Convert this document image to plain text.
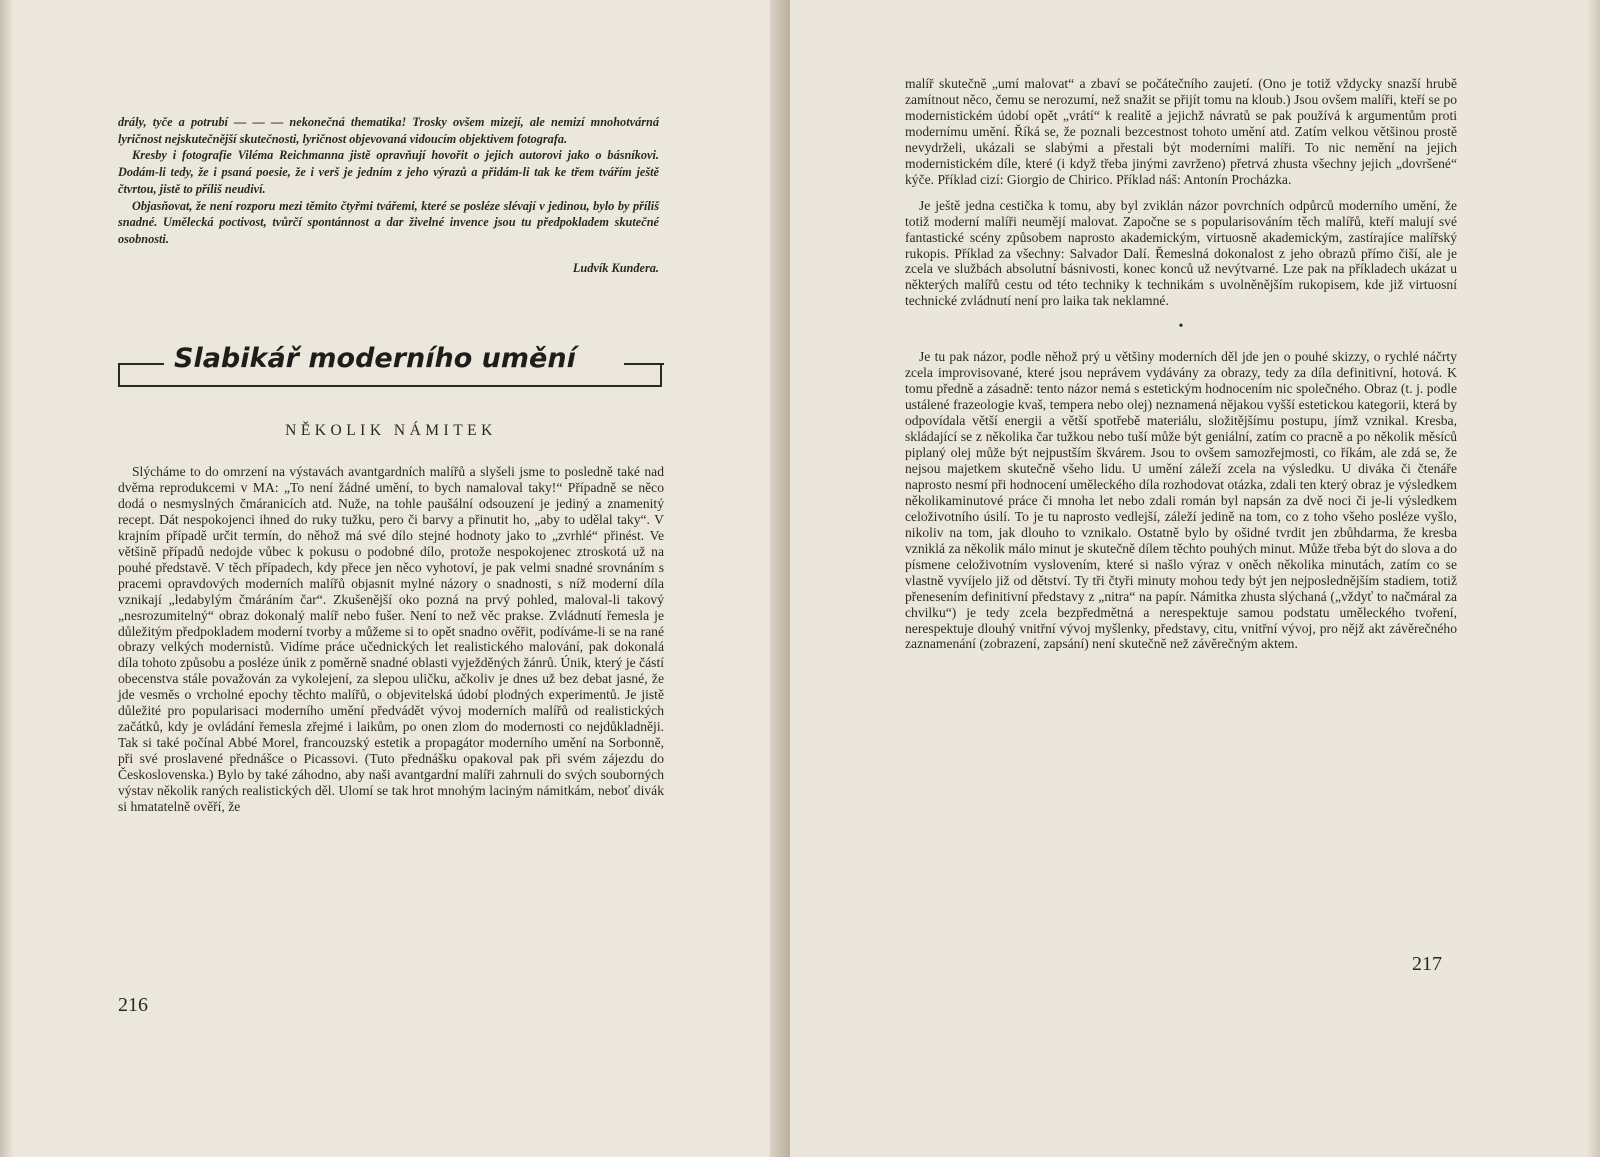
drály, tyče a potrubí — — — nekonečná thematika! Trosky ovšem mizejí, ale nemizí mnohotvárná lyričnost nejskutečnější skutečnosti, lyričnost objevovaná vidoucím objektivem fotografa.

Kresby i fotografie Viléma Reichmanna jistě opravňují hovořit o jejich autorovi jako o básníkovi. Dodám-li tedy, že i psaná poesie, že i verš je jedním z jeho výrazů a přidám-li tak ke třem tvářím ještě čtvrtou, jistě to příliš neudiví.

Objasňovat, že není rozporu mezi těmito čtyřmi tvářemi, které se posléze slévají v jedinou, bylo by příliš snadné. Umělecká poctivost, tvůrčí spontánnost a dar živelné invence jsou tu předpokladem skutečné osobnosti.

Ludvík Kundera.

Slabikář moderního umění
NĚKOLIK NÁMITEK

Slýcháme to do omrzení na výstavách avantgardních malířů a slyšeli jsme to posledně také nad dvěma reprodukcemi v MA: „To není žádné umění, to bych namaloval taky!“ Případně se něco dodá o nesmyslných čmáranicích atd. Nuže, na tohle paušální odsouzení je jediný a znamenitý recept. Dát nespokojenci ihned do ruky tužku, pero či barvy a přinutit ho, „aby to udělal taky“. V krajním případě určit termín, do něhož má své dílo stejné hodnoty jako to „zvrhlé“ přinést. Ve většině případů nedojde vůbec k pokusu o podobné dílo, protože nespokojenec ztroskotá už na pouhé představě. V těch případech, kdy přece jen něco vyhotoví, je pak velmi snadné srovnáním s pracemi opravdových moderních malířů objasnit mylné názory o snadnosti, s níž moderní díla vznikají „ledabylým čmáráním čar“. Zkušenější oko pozná na prvý pohled, maloval-li takový „nesrozumitelný“ obraz dokonalý malíř nebo fušer. Není to než věc prakse. Zvládnutí řemesla je důležitým předpokladem moderní tvorby a můžeme si to opět snadno ověřit, podíváme-li se na rané obrazy velkých modernistů. Vidíme práce učednických let realistického malování, pak dokonalá díla tohoto způsobu a posléze únik z poměrně snadné oblasti vyježděných žánrů. Únik, který je částí obecenstva stále považován za vykolejení, za slepou uličku, ačkoliv je dnes už bez debat jasné, že jde vesměs o vrcholné epochy těchto malířů, o objevitelská údobí plodných experimentů. Je jistě důležité pro popularisaci moderního umění předvádět vývoj moderních malířů od realistických začátků, kdy je ovládání řemesla zřejmé i laikům, po onen zlom do modernosti co nejdůkladněji. Tak si také počínal Abbé Morel, francouzský estetik a propagátor moderního umění na Sorbonně, při své proslavené přednášce o Picassovi. (Tuto přednášku opakoval pak při svém zájezdu do Československa.) Bylo by také záhodno, aby naši avantgardní malíři zahrnuli do svých souborných výstav několik raných realistických děl. Ulomí se tak hrot mnohým laciným námitkám, neboť divák si hmatatelně ověří, že

216

malíř skutečně „umí malovat“ a zbaví se počátečního zaujetí. (Ono je totiž vždycky snazší hrubě zamítnout něco, čemu se nerozumí, než snažit se přijít tomu na kloub.) Jsou ovšem malíři, kteří se po modernistickém údobí opět „vrátí“ k realitě a jejichž návratů se pak používá k argumentům proti modernímu umění. Říká se, že poznali bezcestnost tohoto umění atd. Zatím velkou většinou prostě nevydrželi, ukázali se slabými a přestali být moderními malíři. To nic nemění na jejich modernistickém díle, které (i když třeba jinými zavrženo) přetrvá zhusta všechny jejich „dovršené“ kýče. Příklad cizí: Giorgio de Chirico. Příklad náš: Antonín Procházka.

Je ještě jedna cestička k tomu, aby byl zviklán názor povrchních odpůrců moderního umění, že totiž moderní malíři neumějí malovat. Započne se s popularisováním těch malířů, kteří malují své fantastické scény způsobem naprosto akademickým, virtuosně akademickým, zastírajíce malířský rukopis. Příklad za všechny: Salvador Dalí. Řemeslná dokonalost z jeho obrazů přímo čiší, ale je zcela ve službách absolutní básnivosti, konec konců už nevýtvarné. Lze pak na příkladech ukázat u některých malířů cestu od této techniky k technikám s uvolněnějším rukopisem, kde již virtuosní technické zvládnutí není pro laika tak neklamné.

•

Je tu pak názor, podle něhož prý u většiny moderních děl jde jen o pouhé skizzy, o rychlé náčrty zcela improvisované, které jsou neprávem vydávány za obrazy, tedy za díla definitivní, hotová. K tomu předně a zásadně: tento názor nemá s estetickým hodnocením nic společného. Obraz (t. j. podle ustálené frazeologie kvaš, tempera nebo olej) neznamená nějakou vyšší estetickou kategorii, která by odpovídala větší energii a větší spotřebě materiálu, složitějšímu postupu, jímž vznikal. Kresba, skládající se z několika čar tužkou nebo tuší může být geniální, zatím co pracně a po několik měsíců piplaný olej může být nejpustším škvárem. Jsou to ovšem samozřejmosti, co říkám, ale zdá se, že nejsou majetkem skutečně všeho lidu. U umění záleží zcela na výsledku. U diváka či čtenáře naprosto nesmí při hodnocení uměleckého díla rozhodovat otázka, zdali ten který obraz je výsledkem několikaminutové práce či mnoha let nebo zdali román byl napsán za dvě noci či je-li výsledkem celoživotního úsilí. To je tu naprosto vedlejší, záleží jedině na tom, co z toho všeho posléze vyšlo, nikoliv na tom, jak dlouho to vznikalo. Ostatně bylo by ošidné tvrdit jen zbůhdarma, že kresba vzniklá za několik málo minut je skutečně dílem těchto pouhých minut. Může třeba být do slova a do písmene celoživotním vyslovením, které si našlo výraz v oněch několika minutách, zatím co se vlastně vyvíjelo již od dětství. Ty tři čtyři minuty mohou tedy být jen nejposlednějším stadiem, totiž přenesením definitivní představy z „nitra“ na papír. Námitka zhusta slýchaná („vždyť to načmáral za chvilku“) je tedy zcela bezpředmětná a nerespektuje samou podstatu uměleckého tvoření, nerespektuje dlouhý vnitřní vývoj myšlenky, představy, citu, vnitřní vývoj, pro nějž akt závěrečného zaznamenání (zobrazení, zapsání) není skutečně než závěrečným aktem.

217
